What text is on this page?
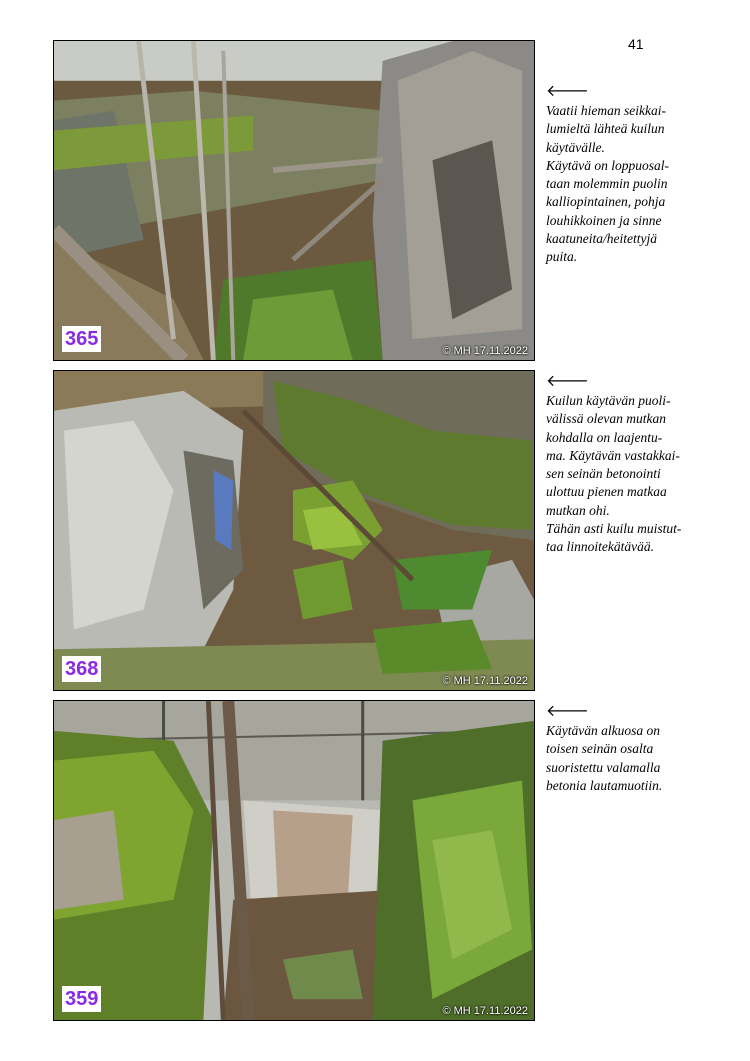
41
365
© MH 17.11.2022
🡐
Vaatii hieman seikkai-
lumieltä lähteä kuilun
käytävälle.
Käytävä on loppuosal-
taan molemmin puolin
kalliopintainen, pohja
louhikkoinen ja sinne
kaatuneita/heitettyjä
puita.
368
© MH 17.11.2022
🡐
Kuilun käytävän puoli-
välissä olevan mutkan
kohdalla on laajentu-
ma. Käytävän vastakkai-
sen seinän betonointi
ulottuu pienen matkaa
mutkan ohi.
Tähän asti kuilu muistut-
taa linnoitekätävää.
359
© MH 17.11.2022
🡐
Käytävän alkuosa on
toisen seinän osalta
suoristettu valamalla
betonia lautamuotiin.
